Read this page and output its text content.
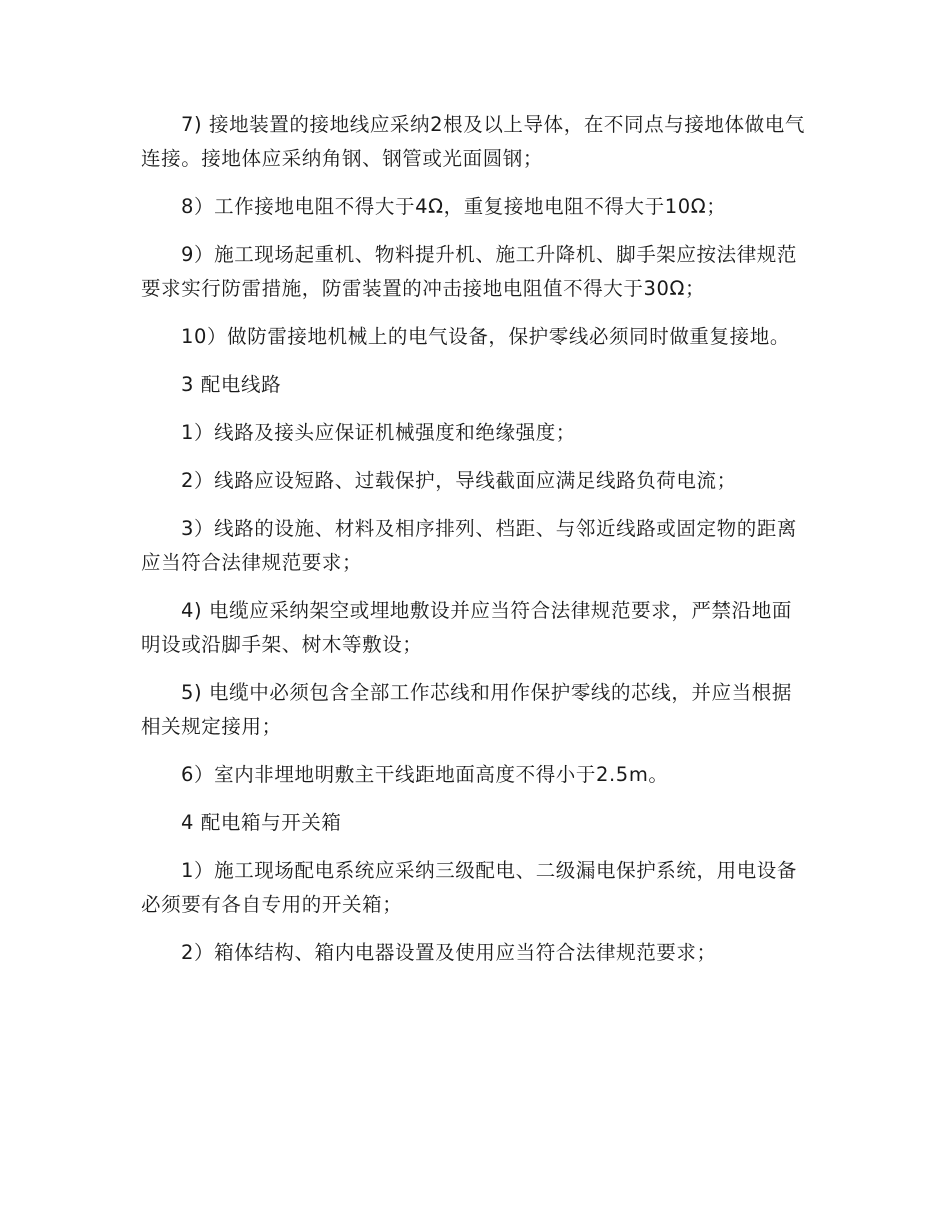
7) 接地装置的接地线应采纳2根及以上导体，在不同点与接地体做电气连接。接地体应采纳角钢、钢管或光面圆钢；

8）工作接地电阻不得大于4Ω，重复接地电阻不得大于10Ω；

9）施工现场起重机、物料提升机、施工升降机、脚手架应按法律规范要求实行防雷措施，防雷装置的冲击接地电阻值不得大于30Ω；

10）做防雷接地机械上的电气设备，保护零线必须同时做重复接地。

3 配电线路

1）线路及接头应保证机械强度和绝缘强度；

2）线路应设短路、过载保护，导线截面应满足线路负荷电流；

3）线路的设施、材料及相序排列、档距、与邻近线路或固定物的距离应当符合法律规范要求；

4) 电缆应采纳架空或埋地敷设并应当符合法律规范要求，严禁沿地面明设或沿脚手架、树木等敷设；

5) 电缆中必须包含全部工作芯线和用作保护零线的芯线，并应当根据相关规定接用；

6）室内非埋地明敷主干线距地面高度不得小于2.5m。

4 配电箱与开关箱

1）施工现场配电系统应采纳三级配电、二级漏电保护系统，用电设备必须要有各自专用的开关箱；

2）箱体结构、箱内电器设置及使用应当符合法律规范要求；
